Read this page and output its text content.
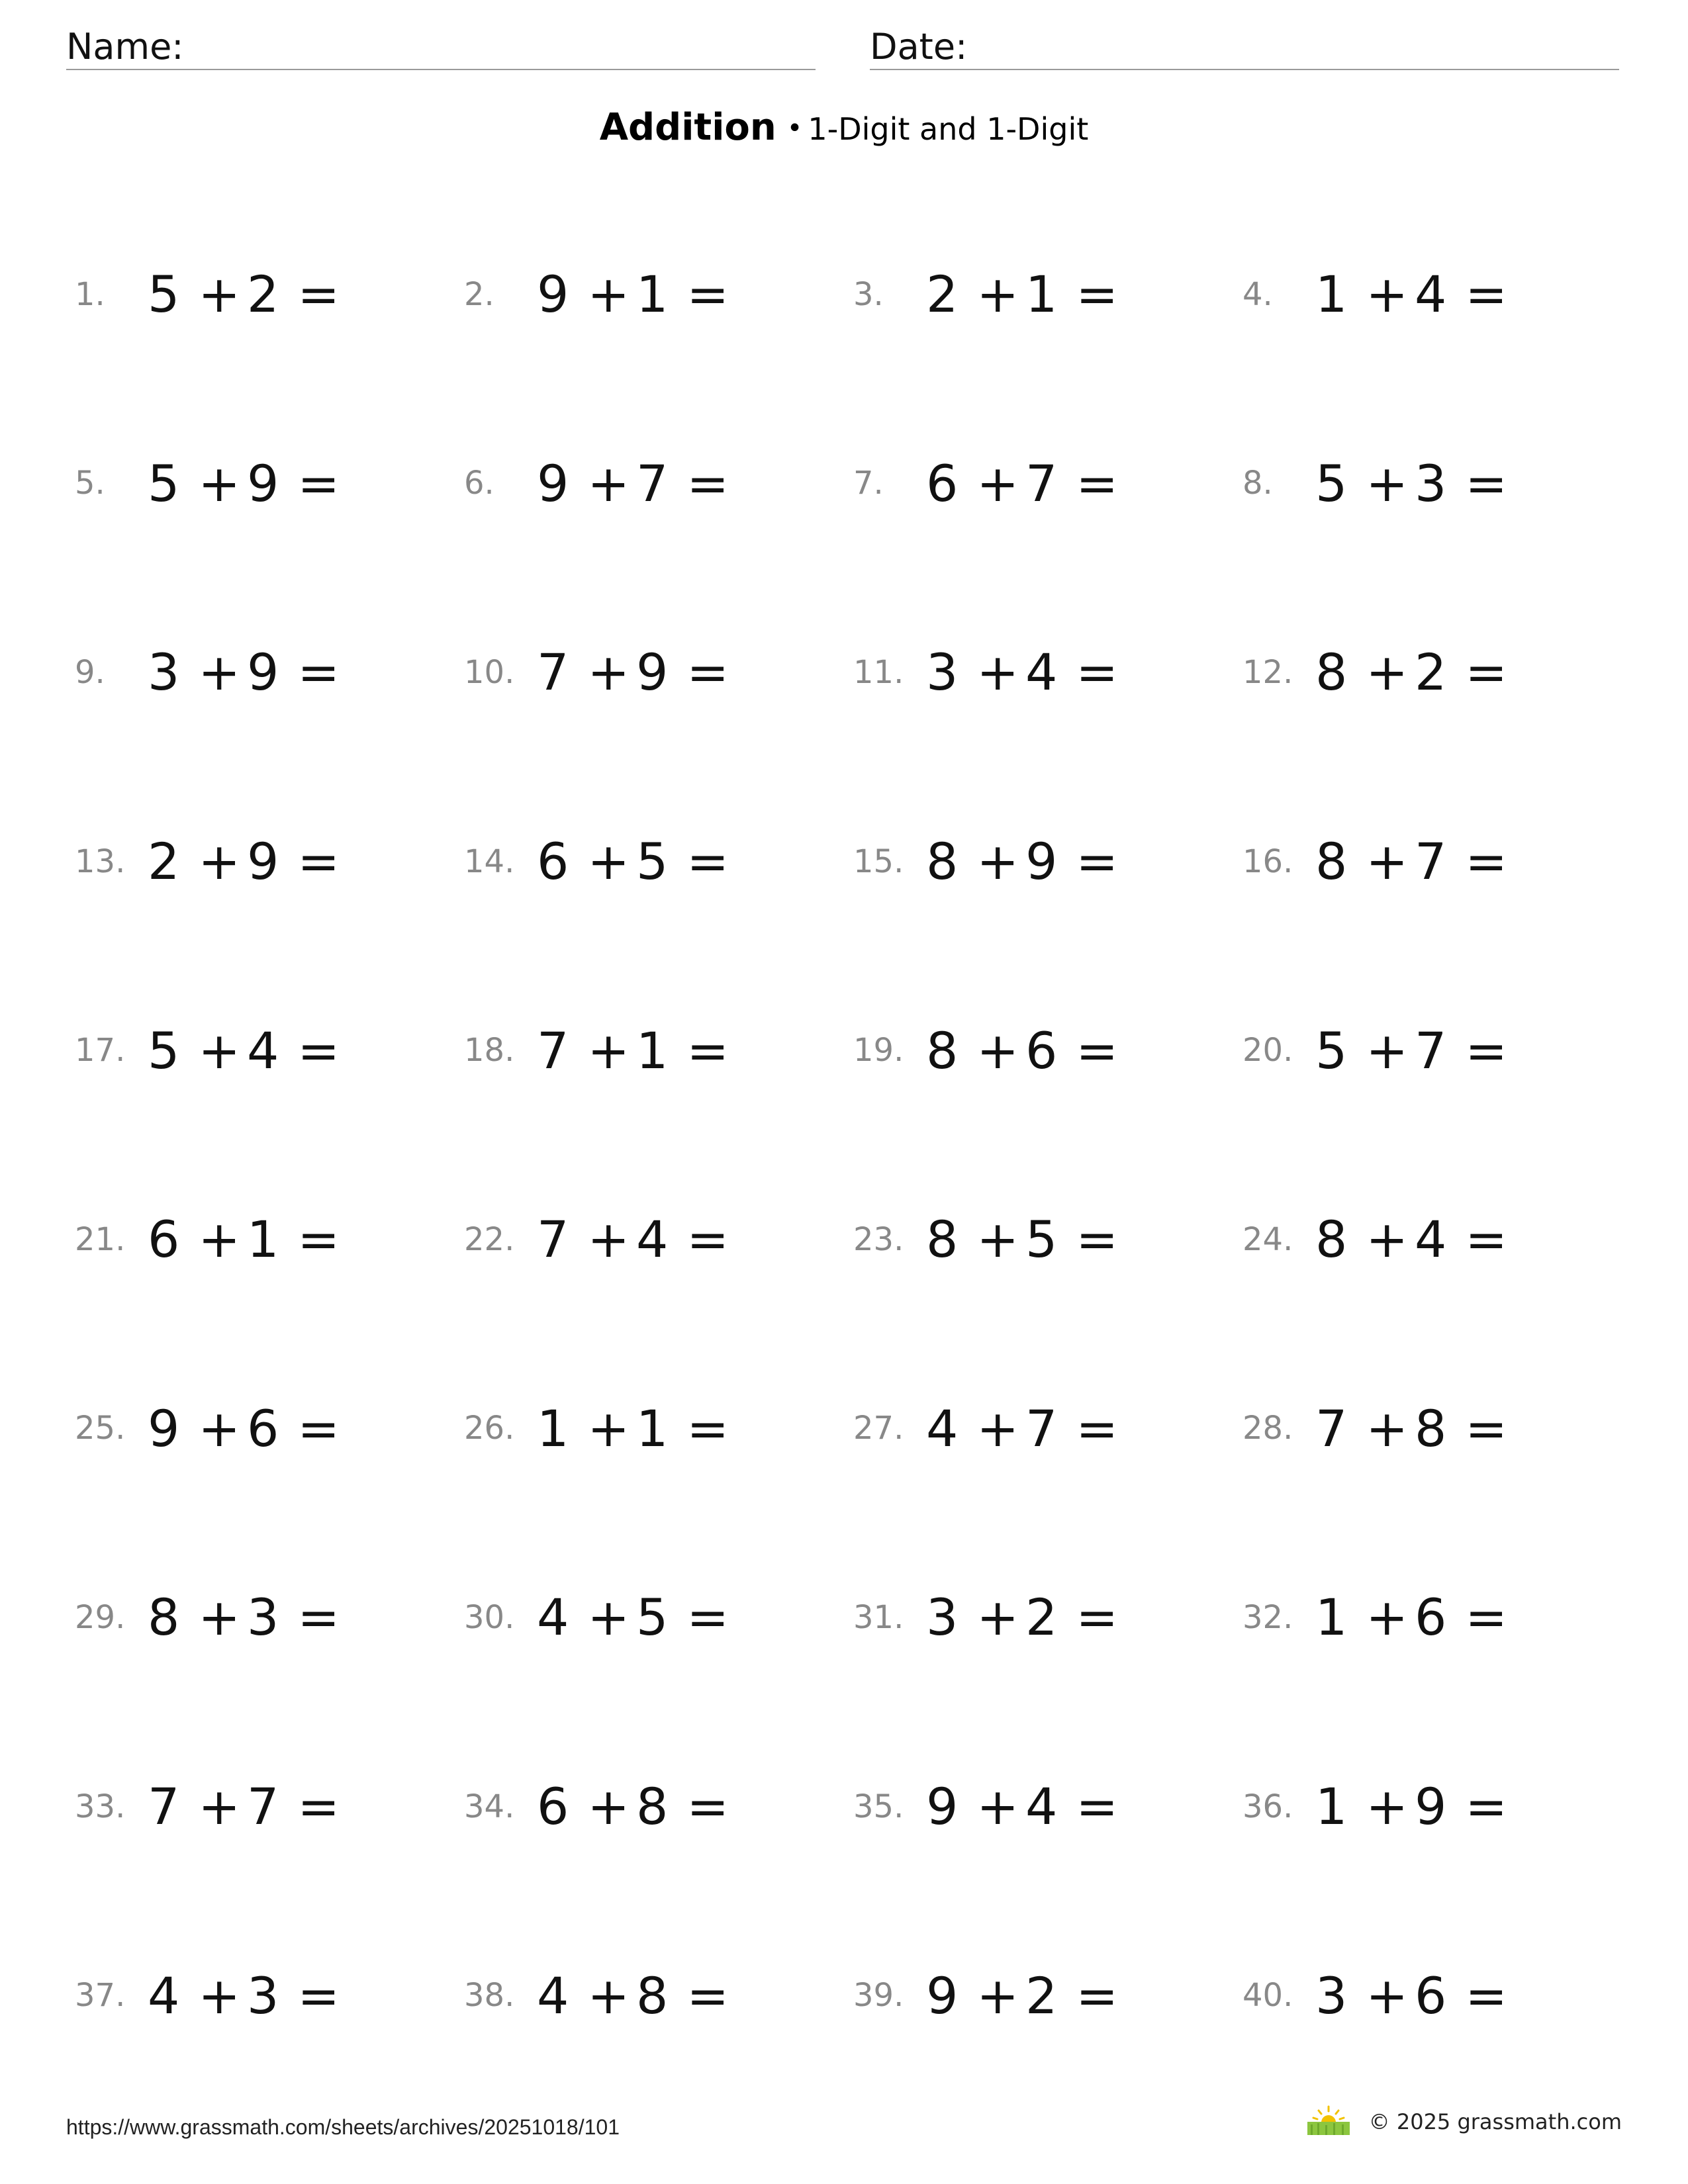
Name:	Date:
Addition • 1-Digit and 1-Digit
1. 5 + 2 =	2. 9 + 1 =	3. 2 + 1 =	4. 1 + 4 =
5. 5 + 9 =	6. 9 + 7 =	7. 6 + 7 =	8. 5 + 3 =
9. 3 + 9 =	10. 7 + 9 =	11. 3 + 4 =	12. 8 + 2 =
13. 2 + 9 =	14. 6 + 5 =	15. 8 + 9 =	16. 8 + 7 =
17. 5 + 4 =	18. 7 + 1 =	19. 8 + 6 =	20. 5 + 7 =
21. 6 + 1 =	22. 7 + 4 =	23. 8 + 5 =	24. 8 + 4 =
25. 9 + 6 =	26. 1 + 1 =	27. 4 + 7 =	28. 7 + 8 =
29. 8 + 3 =	30. 4 + 5 =	31. 3 + 2 =	32. 1 + 6 =
33. 7 + 7 =	34. 6 + 8 =	35. 9 + 4 =	36. 1 + 9 =
37. 4 + 3 =	38. 4 + 8 =	39. 9 + 2 =	40. 3 + 6 =
https://www.grassmath.com/sheets/archives/20251018/101	© 2025 grassmath.com
